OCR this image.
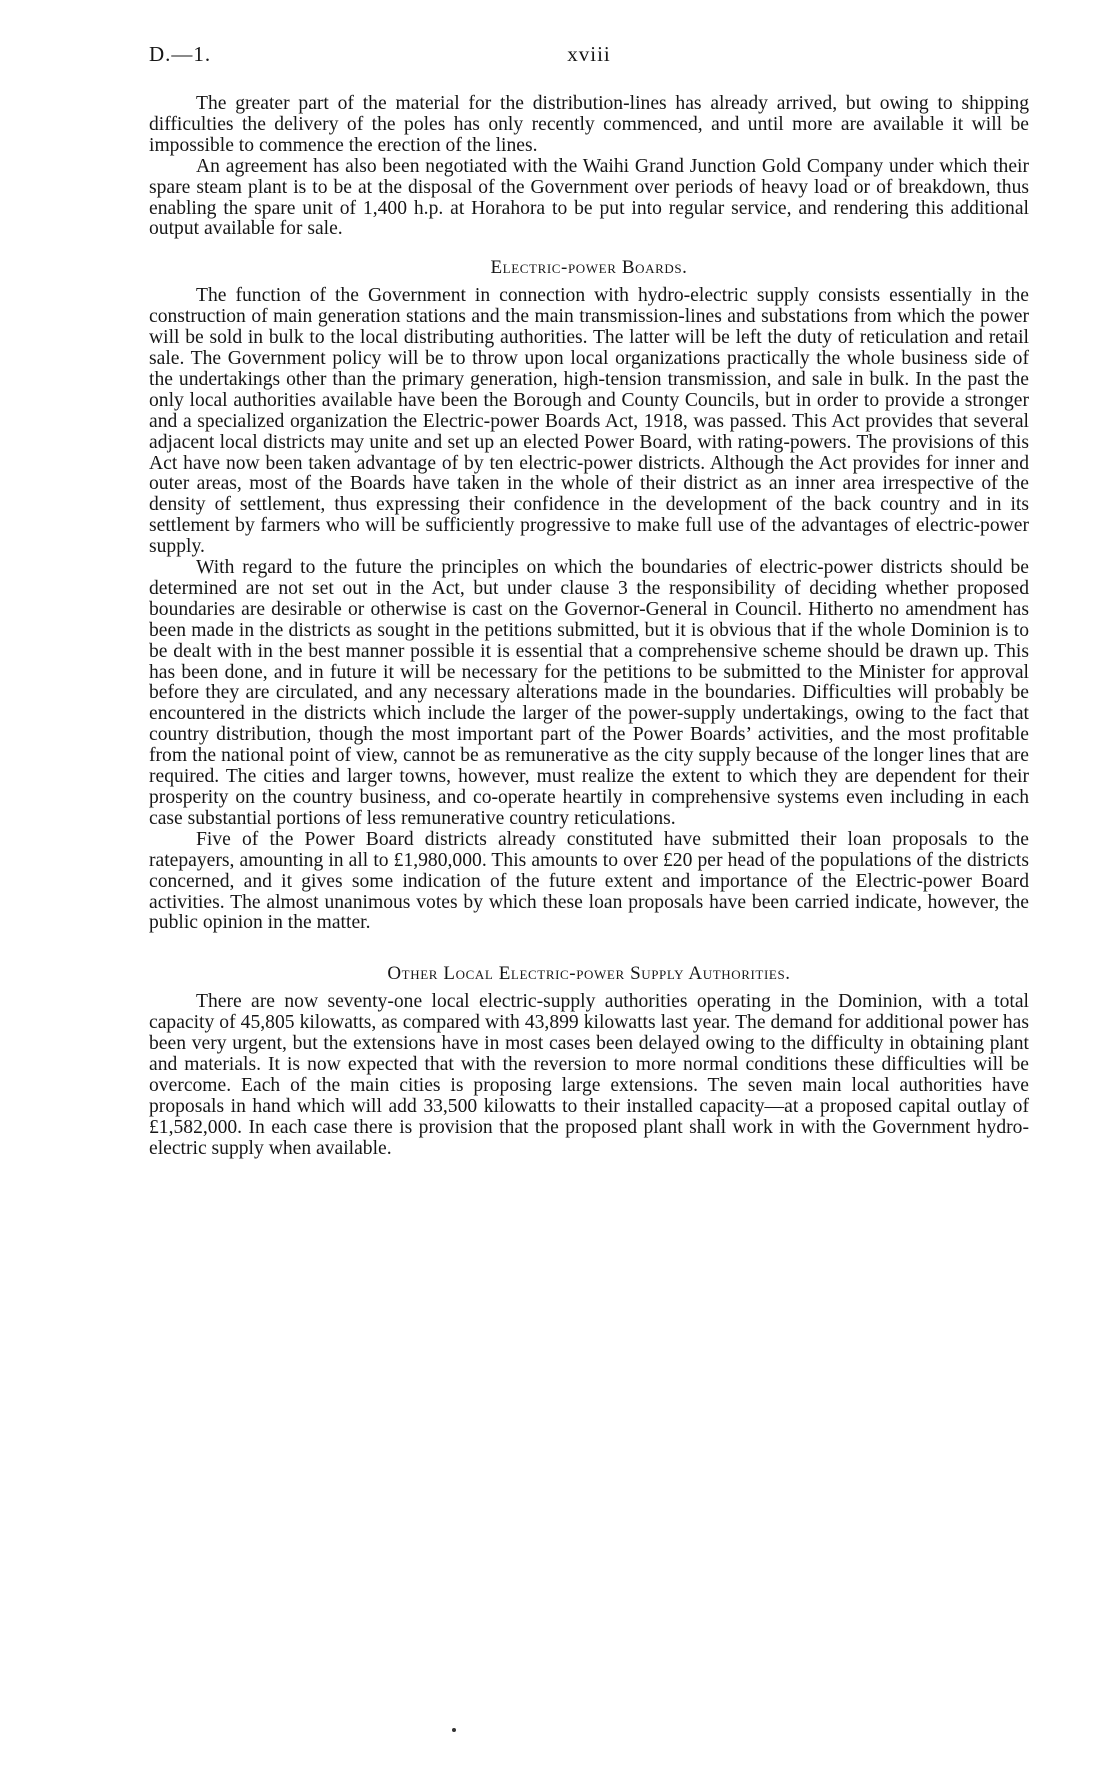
D.—1.	xviii

The greater part of the material for the distribution-lines has already arrived, but owing to shipping difficulties the delivery of the poles has only recently commenced, and until more are available it will be impossible to commence the erection of the lines.

An agreement has also been negotiated with the Waihi Grand Junction Gold Company under which their spare steam plant is to be at the disposal of the Government over periods of heavy load or of breakdown, thus enabling the spare unit of 1,400 h.p. at Horahora to be put into regular service, and rendering this additional output available for sale.

Electric-power Boards.

The function of the Government in connection with hydro-electric supply consists essentially in the construction of main generation stations and the main transmission-lines and substations from which the power will be sold in bulk to the local distributing authorities. The latter will be left the duty of reticulation and retail sale. The Government policy will be to throw upon local organizations practically the whole business side of the undertakings other than the primary generation, high-tension transmission, and sale in bulk. In the past the only local authorities available have been the Borough and County Councils, but in order to provide a stronger and a specialized organization the Electric-power Boards Act, 1918, was passed. This Act provides that several adjacent local districts may unite and set up an elected Power Board, with rating-powers. The provisions of this Act have now been taken advantage of by ten electric-power districts. Although the Act provides for inner and outer areas, most of the Boards have taken in the whole of their district as an inner area irrespective of the density of settlement, thus expressing their confidence in the development of the back country and in its settlement by farmers who will be sufficiently progressive to make full use of the advantages of electric-power supply.

With regard to the future the principles on which the boundaries of electric-power districts should be determined are not set out in the Act, but under clause 3 the responsibility of deciding whether proposed boundaries are desirable or otherwise is cast on the Governor-General in Council. Hitherto no amendment has been made in the districts as sought in the petitions submitted, but it is obvious that if the whole Dominion is to be dealt with in the best manner possible it is essential that a comprehensive scheme should be drawn up. This has been done, and in future it will be necessary for the petitions to be submitted to the Minister for approval before they are circulated, and any necessary alterations made in the boundaries. Difficulties will probably be encountered in the districts which include the larger of the power-supply undertakings, owing to the fact that country distribution, though the most important part of the Power Boards’ activities, and the most profitable from the national point of view, cannot be as remunerative as the city supply because of the longer lines that are required. The cities and larger towns, however, must realize the extent to which they are dependent for their prosperity on the country business, and co-operate heartily in comprehensive systems even including in each case substantial portions of less remunerative country reticulations.

Five of the Power Board districts already constituted have submitted their loan proposals to the ratepayers, amounting in all to £1,980,000. This amounts to over £20 per head of the populations of the districts concerned, and it gives some indication of the future extent and importance of the Electric-power Board activities. The almost unanimous votes by which these loan proposals have been carried indicate, however, the public opinion in the matter.

Other Local Electric-power Supply Authorities.

There are now seventy-one local electric-supply authorities operating in the Dominion, with a total capacity of 45,805 kilowatts, as compared with 43,899 kilowatts last year. The demand for additional power has been very urgent, but the extensions have in most cases been delayed owing to the difficulty in obtaining plant and materials. It is now expected that with the reversion to more normal conditions these difficulties will be overcome. Each of the main cities is proposing large extensions. The seven main local authorities have proposals in hand which will add 33,500 kilowatts to their installed capacity—at a proposed capital outlay of £1,582,000. In each case there is provision that the proposed plant shall work in with the Government hydro-electric supply when available.
